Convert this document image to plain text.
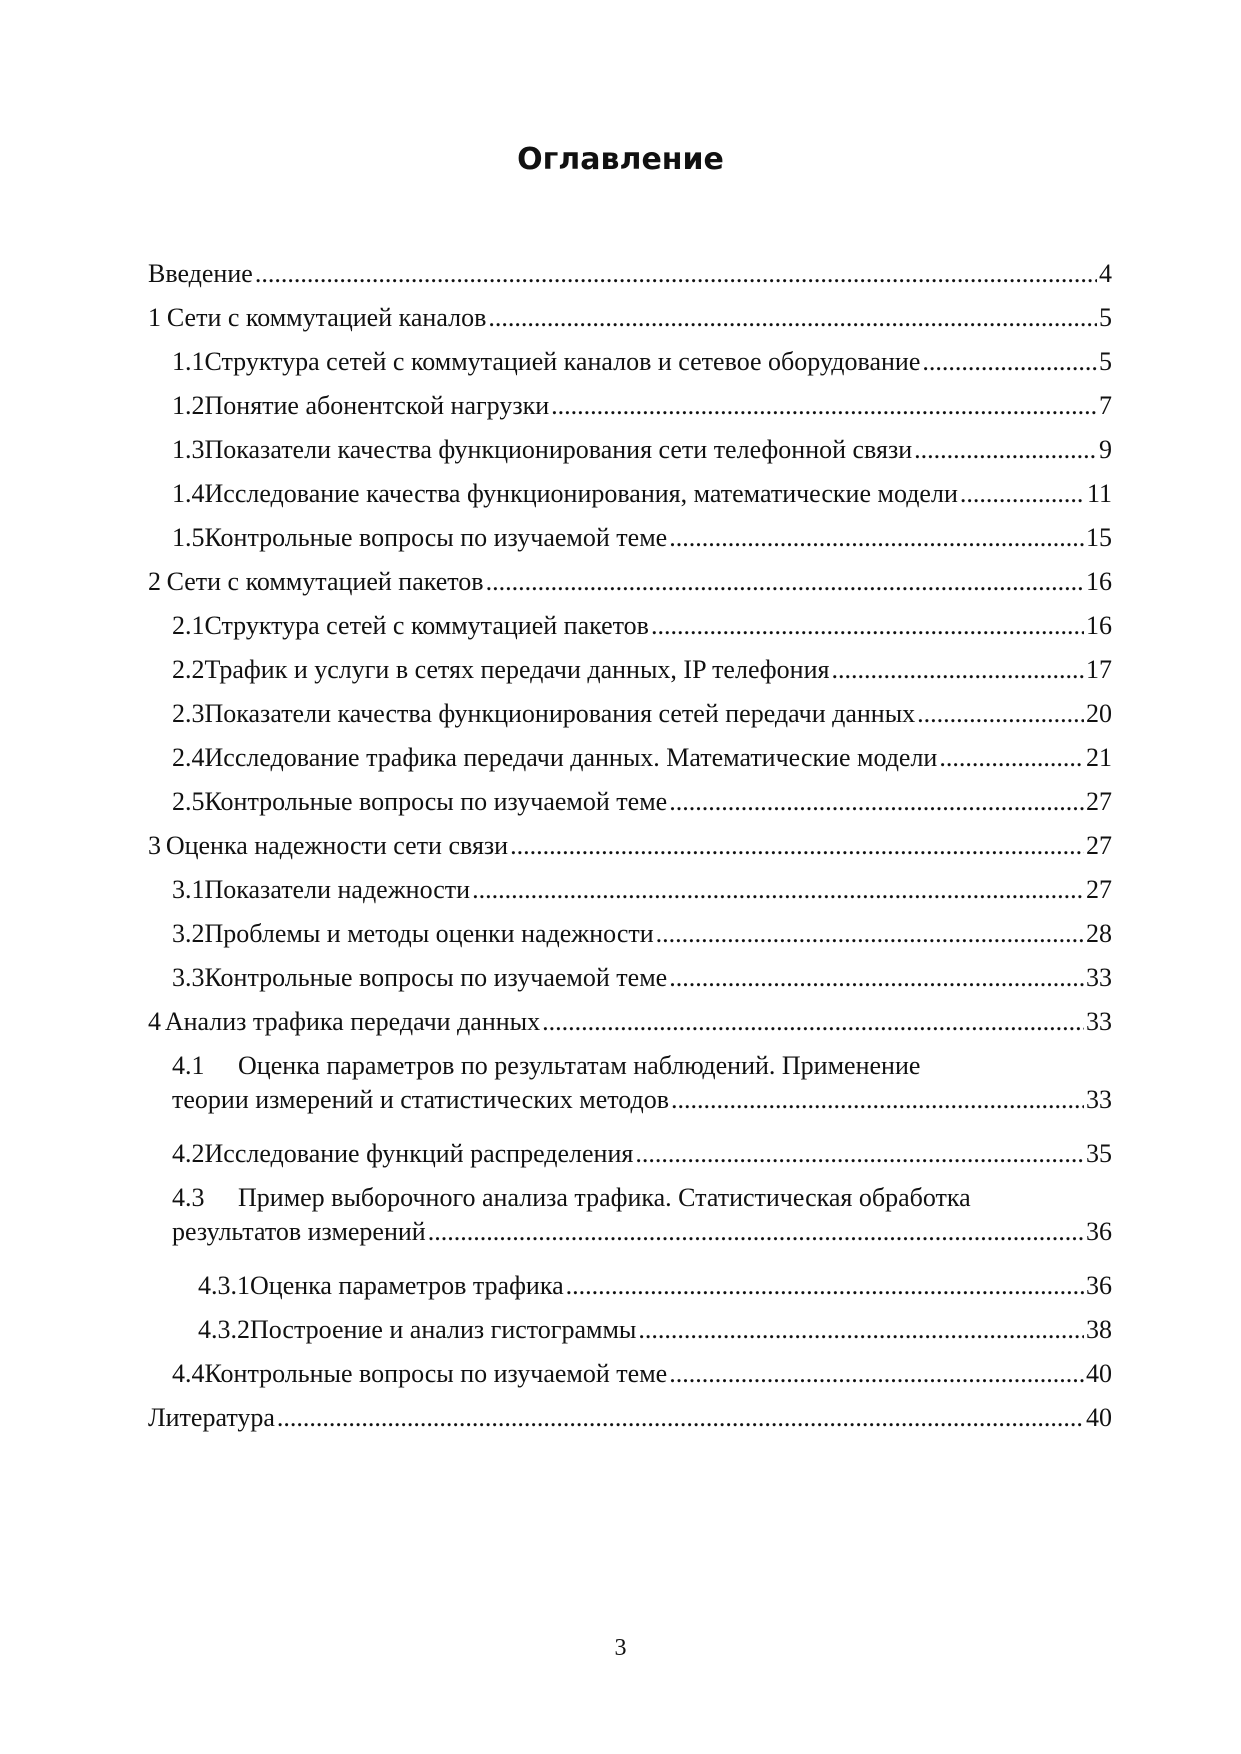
Оглавление
Введение .....	4
1 Сети с коммутацией каналов .....	5
1.1 Структура сетей с коммутацией каналов и сетевое оборудование .....	5
1.2 Понятие абонентской нагрузки .....	7
1.3 Показатели качества функционирования сети телефонной связи .....	9
1.4 Исследование качества функционирования, математические модели .....	11
1.5 Контрольные вопросы по изучаемой теме .....	15
2 Сети с коммутацией пакетов .....	16
2.1 Структура сетей с коммутацией пакетов .....	16
2.2 Трафик и услуги в сетях передачи данных, IP телефония .....	17
2.3 Показатели качества функционирования сетей передачи данных .....	20
2.4 Исследование трафика передачи данных. Математические модели .....	21
2.5 Контрольные вопросы по изучаемой теме .....	27
3 Оценка надежности сети связи .....	27
3.1 Показатели надежности .....	27
3.2 Проблемы и методы оценки надежности .....	28
3.3 Контрольные вопросы по изучаемой теме .....	33
4 Анализ трафика передачи данных .....	33
4.1	Оценка параметров по результатам наблюдений. Применение
теории измерений и статистических методов .....	33
4.2 Исследование функций распределения .....	35
4.3	Пример выборочного анализа трафика. Статистическая обработка
результатов измерений .....	36
4.3.1 Оценка параметров трафика .....	36
4.3.2 Построение и анализ гистограммы .....	38
4.4 Контрольные вопросы по изучаемой теме .....	40
Литература .....	40
3
